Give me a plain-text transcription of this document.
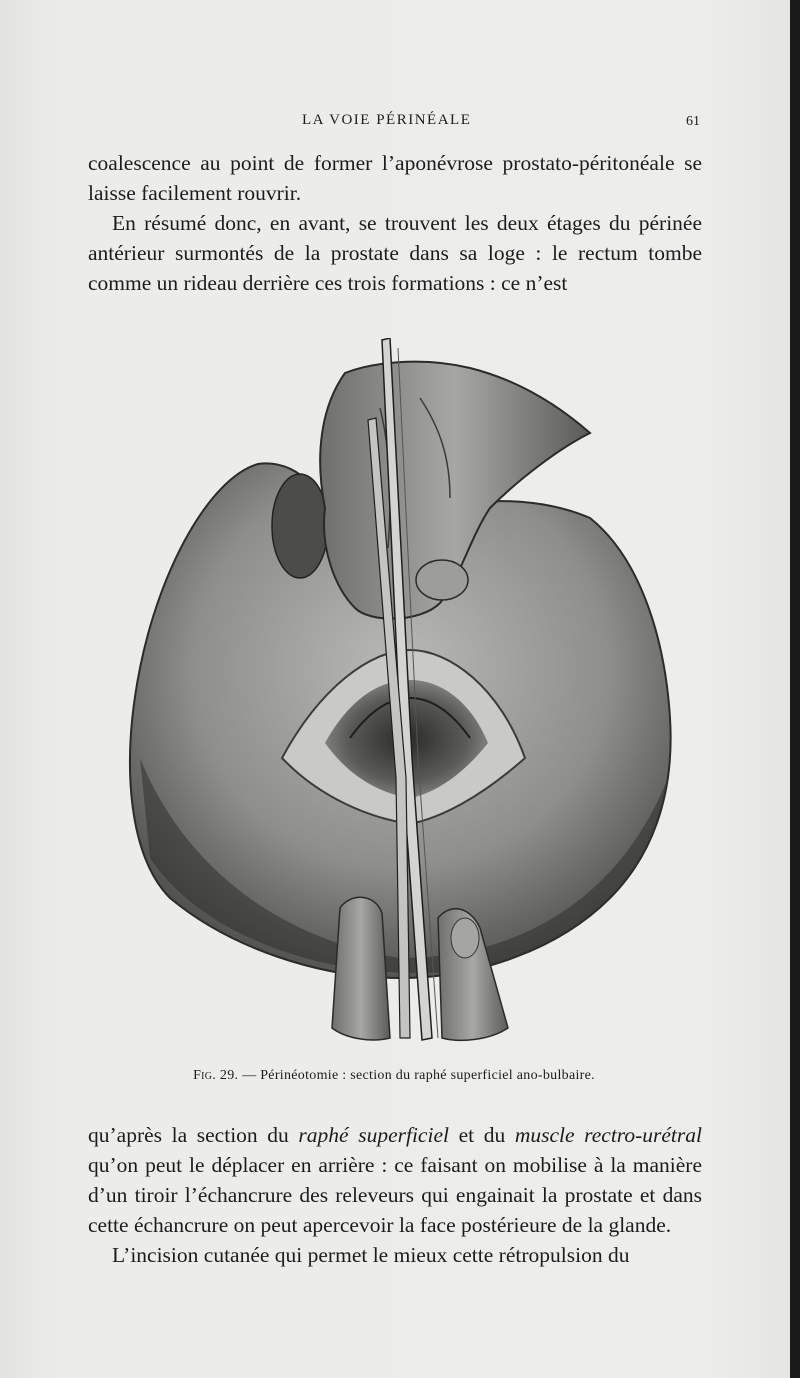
LA VOIE PÉRINÉALE	61

coalescence au point de former l’aponévrose prostato-péritonéale se laisse facilement rouvrir.

En résumé donc, en avant, se trouvent les deux étages du périnée antérieur surmontés de la prostate dans sa loge : le rectum tombe comme un rideau derrière ces trois formations : ce n’est

Fig. 29. — Périnéotomie : section du raphé superficiel ano-bulbaire.

qu’après la section du raphé superficiel et du muscle rectro-urétral qu’on peut le déplacer en arrière : ce faisant on mobilise à la manière d’un tiroir l’échancrure des releveurs qui engainait la prostate et dans cette échancrure on peut apercevoir la face postérieure de la glande.

L’incision cutanée qui permet le mieux cette rétropulsion du
